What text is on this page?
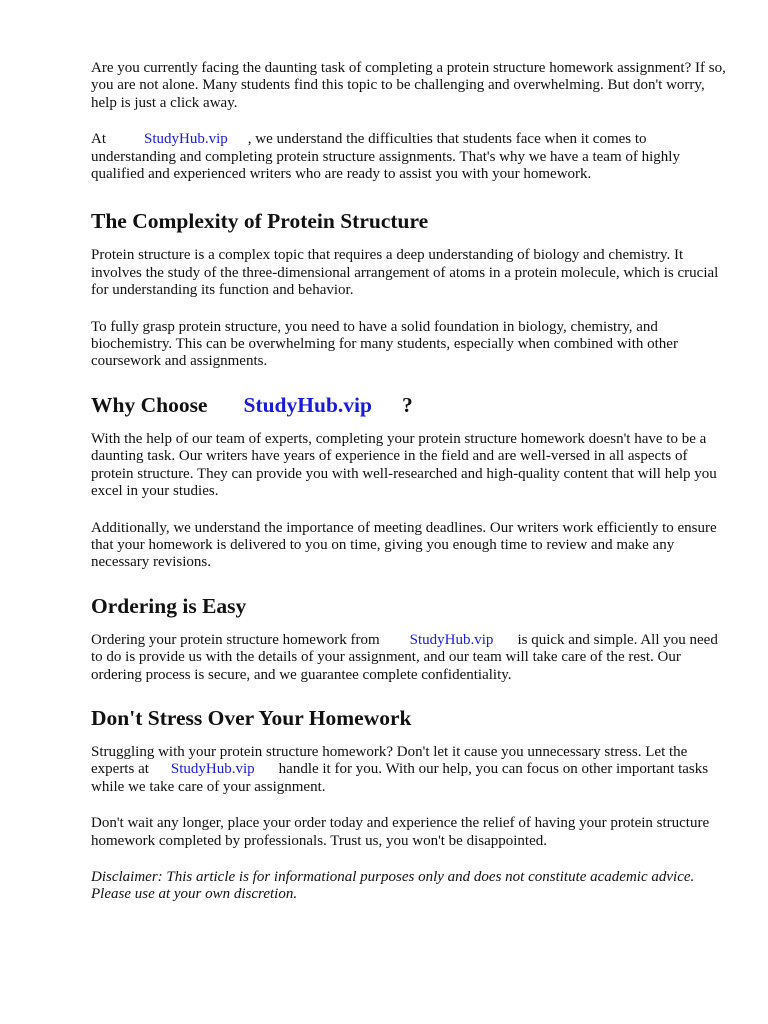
Are you currently facing the daunting task of completing a protein structure homework assignment? If so, you are not alone. Many students find this topic to be challenging and overwhelming. But don't worry, help is just a click away.

At	StudyHub.vip , we understand the difficulties that students face when it comes to understanding and completing protein structure assignments. That's why we have a team of highly qualified and experienced writers who are ready to assist you with your homework.

The Complexity of Protein Structure

Protein structure is a complex topic that requires a deep understanding of biology and chemistry. It involves the study of the three-dimensional arrangement of atoms in a protein molecule, which is crucial for understanding its function and behavior.

To fully grasp protein structure, you need to have a solid foundation in biology, chemistry, and biochemistry. This can be overwhelming for many students, especially when combined with other coursework and assignments.

Why Choose StudyHub.vip ?

With the help of our team of experts, completing your protein structure homework doesn't have to be a daunting task. Our writers have years of experience in the field and are well-versed in all aspects of protein structure. They can provide you with well-researched and high-quality content that will help you excel in your studies.

Additionally, we understand the importance of meeting deadlines. Our writers work efficiently to ensure that your homework is delivered to you on time, giving you enough time to review and make any necessary revisions.

Ordering is Easy

Ordering your protein structure homework from StudyHub.vip is quick and simple. All you need to do is provide us with the details of your assignment, and our team will take care of the rest. Our ordering process is secure, and we guarantee complete confidentiality.

Don't Stress Over Your Homework

Struggling with your protein structure homework? Don't let it cause you unnecessary stress. Let the experts at StudyHub.vip handle it for you. With our help, you can focus on other important tasks while we take care of your assignment.

Don't wait any longer, place your order today and experience the relief of having your protein structure homework completed by professionals. Trust us, you won't be disappointed.

Disclaimer: This article is for informational purposes only and does not constitute academic advice. Please use at your own discretion.
